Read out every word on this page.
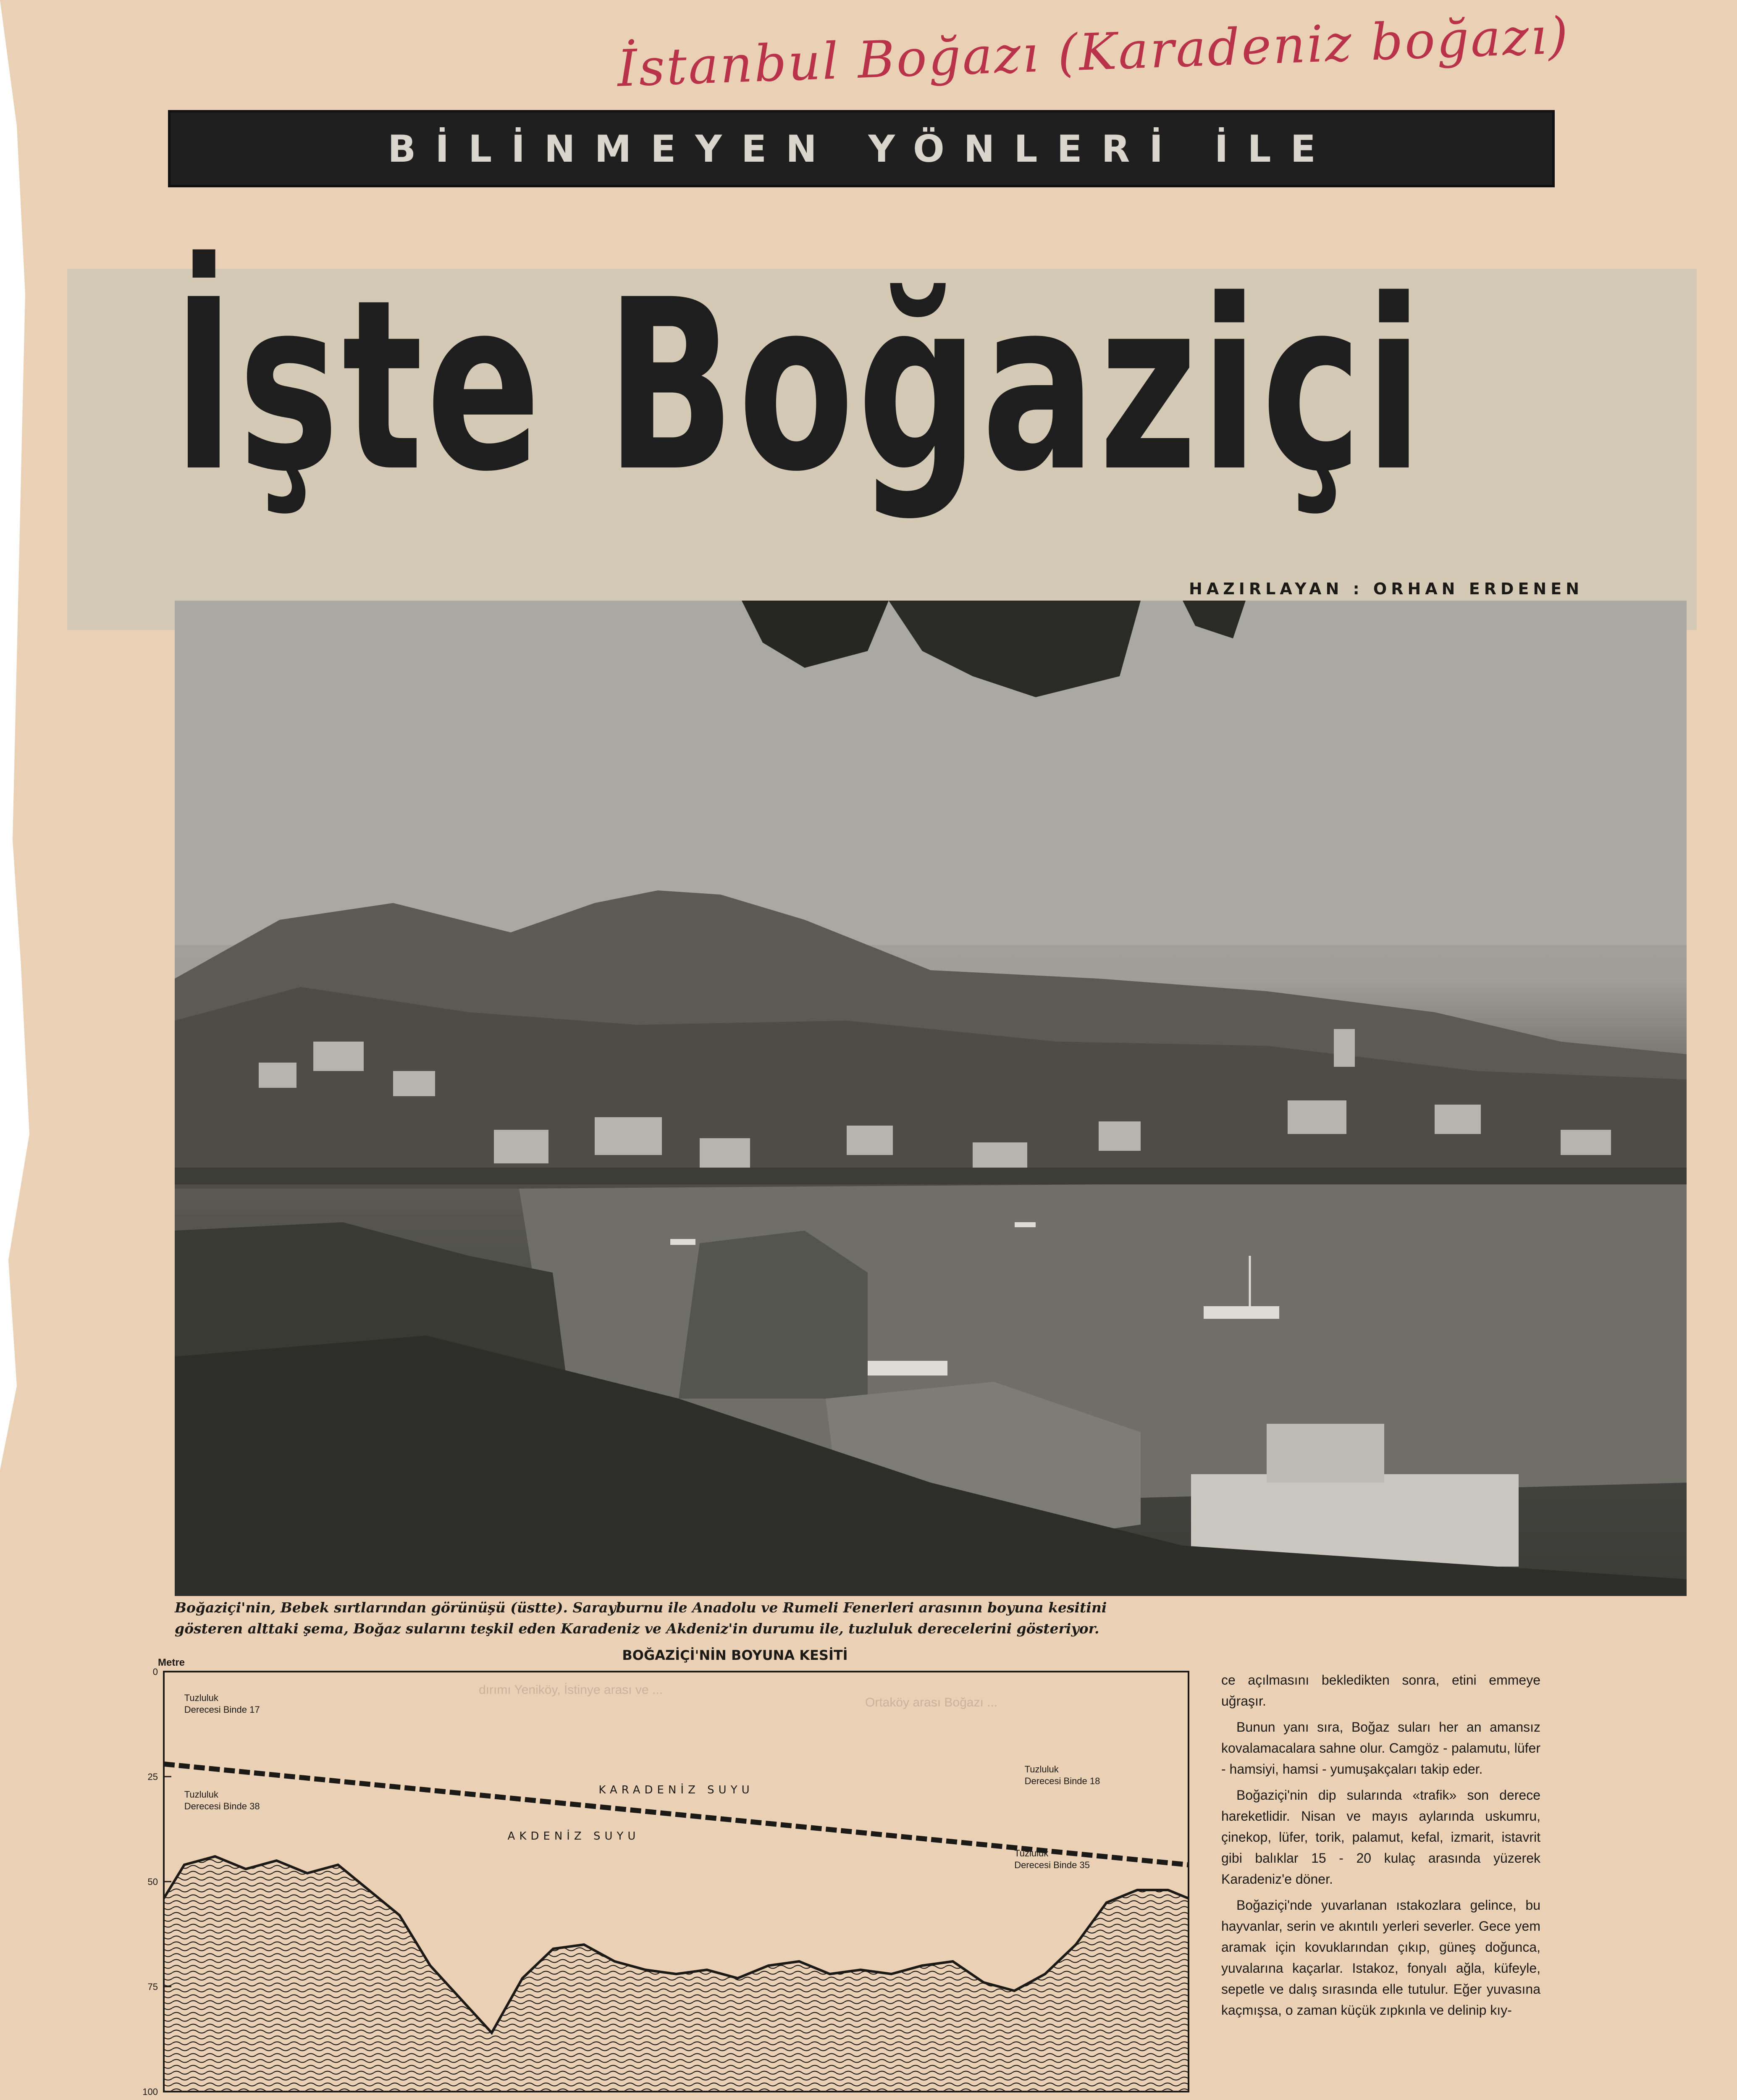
İstanbul Boğazı (Karadeniz boğazı)
BİLİNMEYEN YÖNLERİ İLE
İşte Boğaziçi
HAZIRLAYAN : ORHAN ERDENEN
Boğaziçi'nin, Bebek sırtlarından görünüşü (üstte). Sarayburnu ile Anadolu ve Rumeli Fenerleri arasının boyuna kesitini
gösteren alttaki şema, Boğaz sularını teşkil eden Karadeniz ve Akdeniz'in durumu ile, tuzluluk derecelerini gösteriyor.
dırımı Yeniköy, İstinye arası ve ...
Ortaköy arası Boğazı ...
BOĞAZİÇİ'NİN BOYUNA KESİTİ
Metre
0
25
50
75
100
KARADENİZ SUYU
AKDENİZ SUYU
Tuzluluk
Derecesi Binde 17
Tuzluluk
Derecesi Binde 18
Tuzluluk
Derecesi Binde 38
Tuzluluk
Derecesi Binde 35

ce açılmasını bekledikten sonra, etini emmeye uğraşır.

Bunun yanı sıra, Boğaz suları her an amansız kovalamacalara sahne olur. Camgöz - palamutu, lüfer - hamsiyi, hamsi - yumuşakçaları takip eder.

Boğaziçi'nin dip sularında «trafik» son derece hareketlidir. Nisan ve mayıs aylarında uskumru, çinekop, lüfer, torik, palamut, kefal, izmarit, istavrit gibi balıklar 15 - 20 kulaç arasında yüzerek Karadeniz'e döner.

Boğaziçi'nde yuvarlanan ıstakozlara gelince, bu hayvanlar, serin ve akıntılı yerleri severler. Gece yem aramak için kovuklarından çıkıp, güneş doğunca, yuvalarına kaçarlar. Istakoz, fonyalı ağla, küfeyle, sepetle ve dalış sırasında elle tutulur. Eğer yuvasına kaçmışsa, o zaman küçük zıpkınla ve delinip kıy-
